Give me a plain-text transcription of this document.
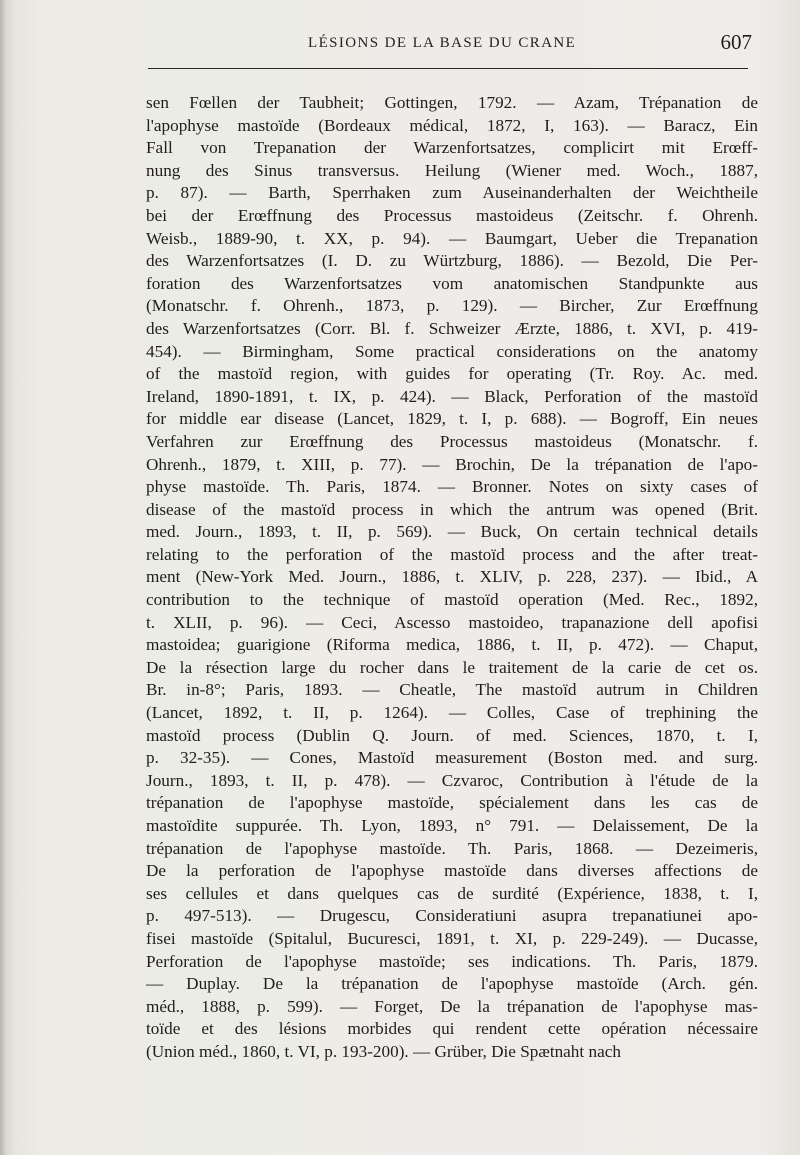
LÉSIONS DE LA BASE DU CRANE	607
sen Fœllen der Taubheit; Gottingen, 1792. — Azam, Trépanation de
l'apophyse mastoïde (Bordeaux médical, 1872, I, 163). — Baracz, Ein
Fall von Trepanation der Warzenfortsatzes, complicirt mit Erœff-
nung des Sinus transversus. Heilung (Wiener med. Woch., 1887,
p. 87). — Barth, Sperrhaken zum Auseinanderhalten der Weichtheile
bei der Erœffnung des Processus mastoideus (Zeitschr. f. Ohrenh.
Weisb., 1889-90, t. XX, p. 94). — Baumgart, Ueber die Trepanation
des Warzenfortsatzes (I. D. zu Würtzburg, 1886). — Bezold, Die Per-
foration des Warzenfortsatzes vom anatomischen Standpunkte aus
(Monatschr. f. Ohrenh., 1873, p. 129). — Bircher, Zur Erœffnung
des Warzenfortsatzes (Corr. Bl. f. Schweizer Ærzte, 1886, t. XVI, p. 419-
454). — Birmingham, Some practical considerations on the anatomy
of the mastoïd region, with guides for operating (Tr. Roy. Ac. med.
Ireland, 1890-1891, t. IX, p. 424). — Black, Perforation of the mastoïd
for middle ear disease (Lancet, 1829, t. I, p. 688). — Bogroff, Ein neues
Verfahren zur Erœffnung des Processus mastoideus (Monatschr. f.
Ohrenh., 1879, t. XIII, p. 77). — Brochin, De la trépanation de l'apo-
physe mastoïde. Th. Paris, 1874. — Bronner. Notes on sixty cases of
disease of the mastoïd process in which the antrum was opened (Brit.
med. Journ., 1893, t. II, p. 569). — Buck, On certain technical details
relating to the perforation of the mastoïd process and the after treat-
ment (New-York Med. Journ., 1886, t. XLIV, p. 228, 237). — Ibid., A
contribution to the technique of mastoïd operation (Med. Rec., 1892,
t. XLII, p. 96). — Ceci, Ascesso mastoideo, trapanazione dell apofisi
mastoidea; guarigione (Riforma medica, 1886, t. II, p. 472). — Chaput,
De la résection large du rocher dans le traitement de la carie de cet os.
Br. in-8°; Paris, 1893. — Cheatle, The mastoïd autrum in Children
(Lancet, 1892, t. II, p. 1264). — Colles, Case of trephining the
mastoïd process (Dublin Q. Journ. of med. Sciences, 1870, t. I,
p. 32-35). — Cones, Mastoïd measurement (Boston med. and surg.
Journ., 1893, t. II, p. 478). — Czvaroc, Contribution à l'étude de la
trépanation de l'apophyse mastoïde, spécialement dans les cas de
mastoïdite suppurée. Th. Lyon, 1893, n° 791. — Delaissement, De la
trépanation de l'apophyse mastoïde. Th. Paris, 1868. — Dezeimeris,
De la perforation de l'apophyse mastoïde dans diverses affections de
ses cellules et dans quelques cas de surdité (Expérience, 1838, t. I,
p. 497-513). — Drugescu, Consideratiuni asupra trepanatiunei apo-
fisei mastoïde (Spitalul, Bucuresci, 1891, t. XI, p. 229-249). — Ducasse,
Perforation de l'apophyse mastoïde; ses indications. Th. Paris, 1879.
— Duplay. De la trépanation de l'apophyse mastoïde (Arch. gén.
méd., 1888, p. 599). — Forget, De la trépanation de l'apophyse mas-
toïde et des lésions morbides qui rendent cette opération nécessaire
(Union méd., 1860, t. VI, p. 193-200). — Grüber, Die Spætnaht nach
